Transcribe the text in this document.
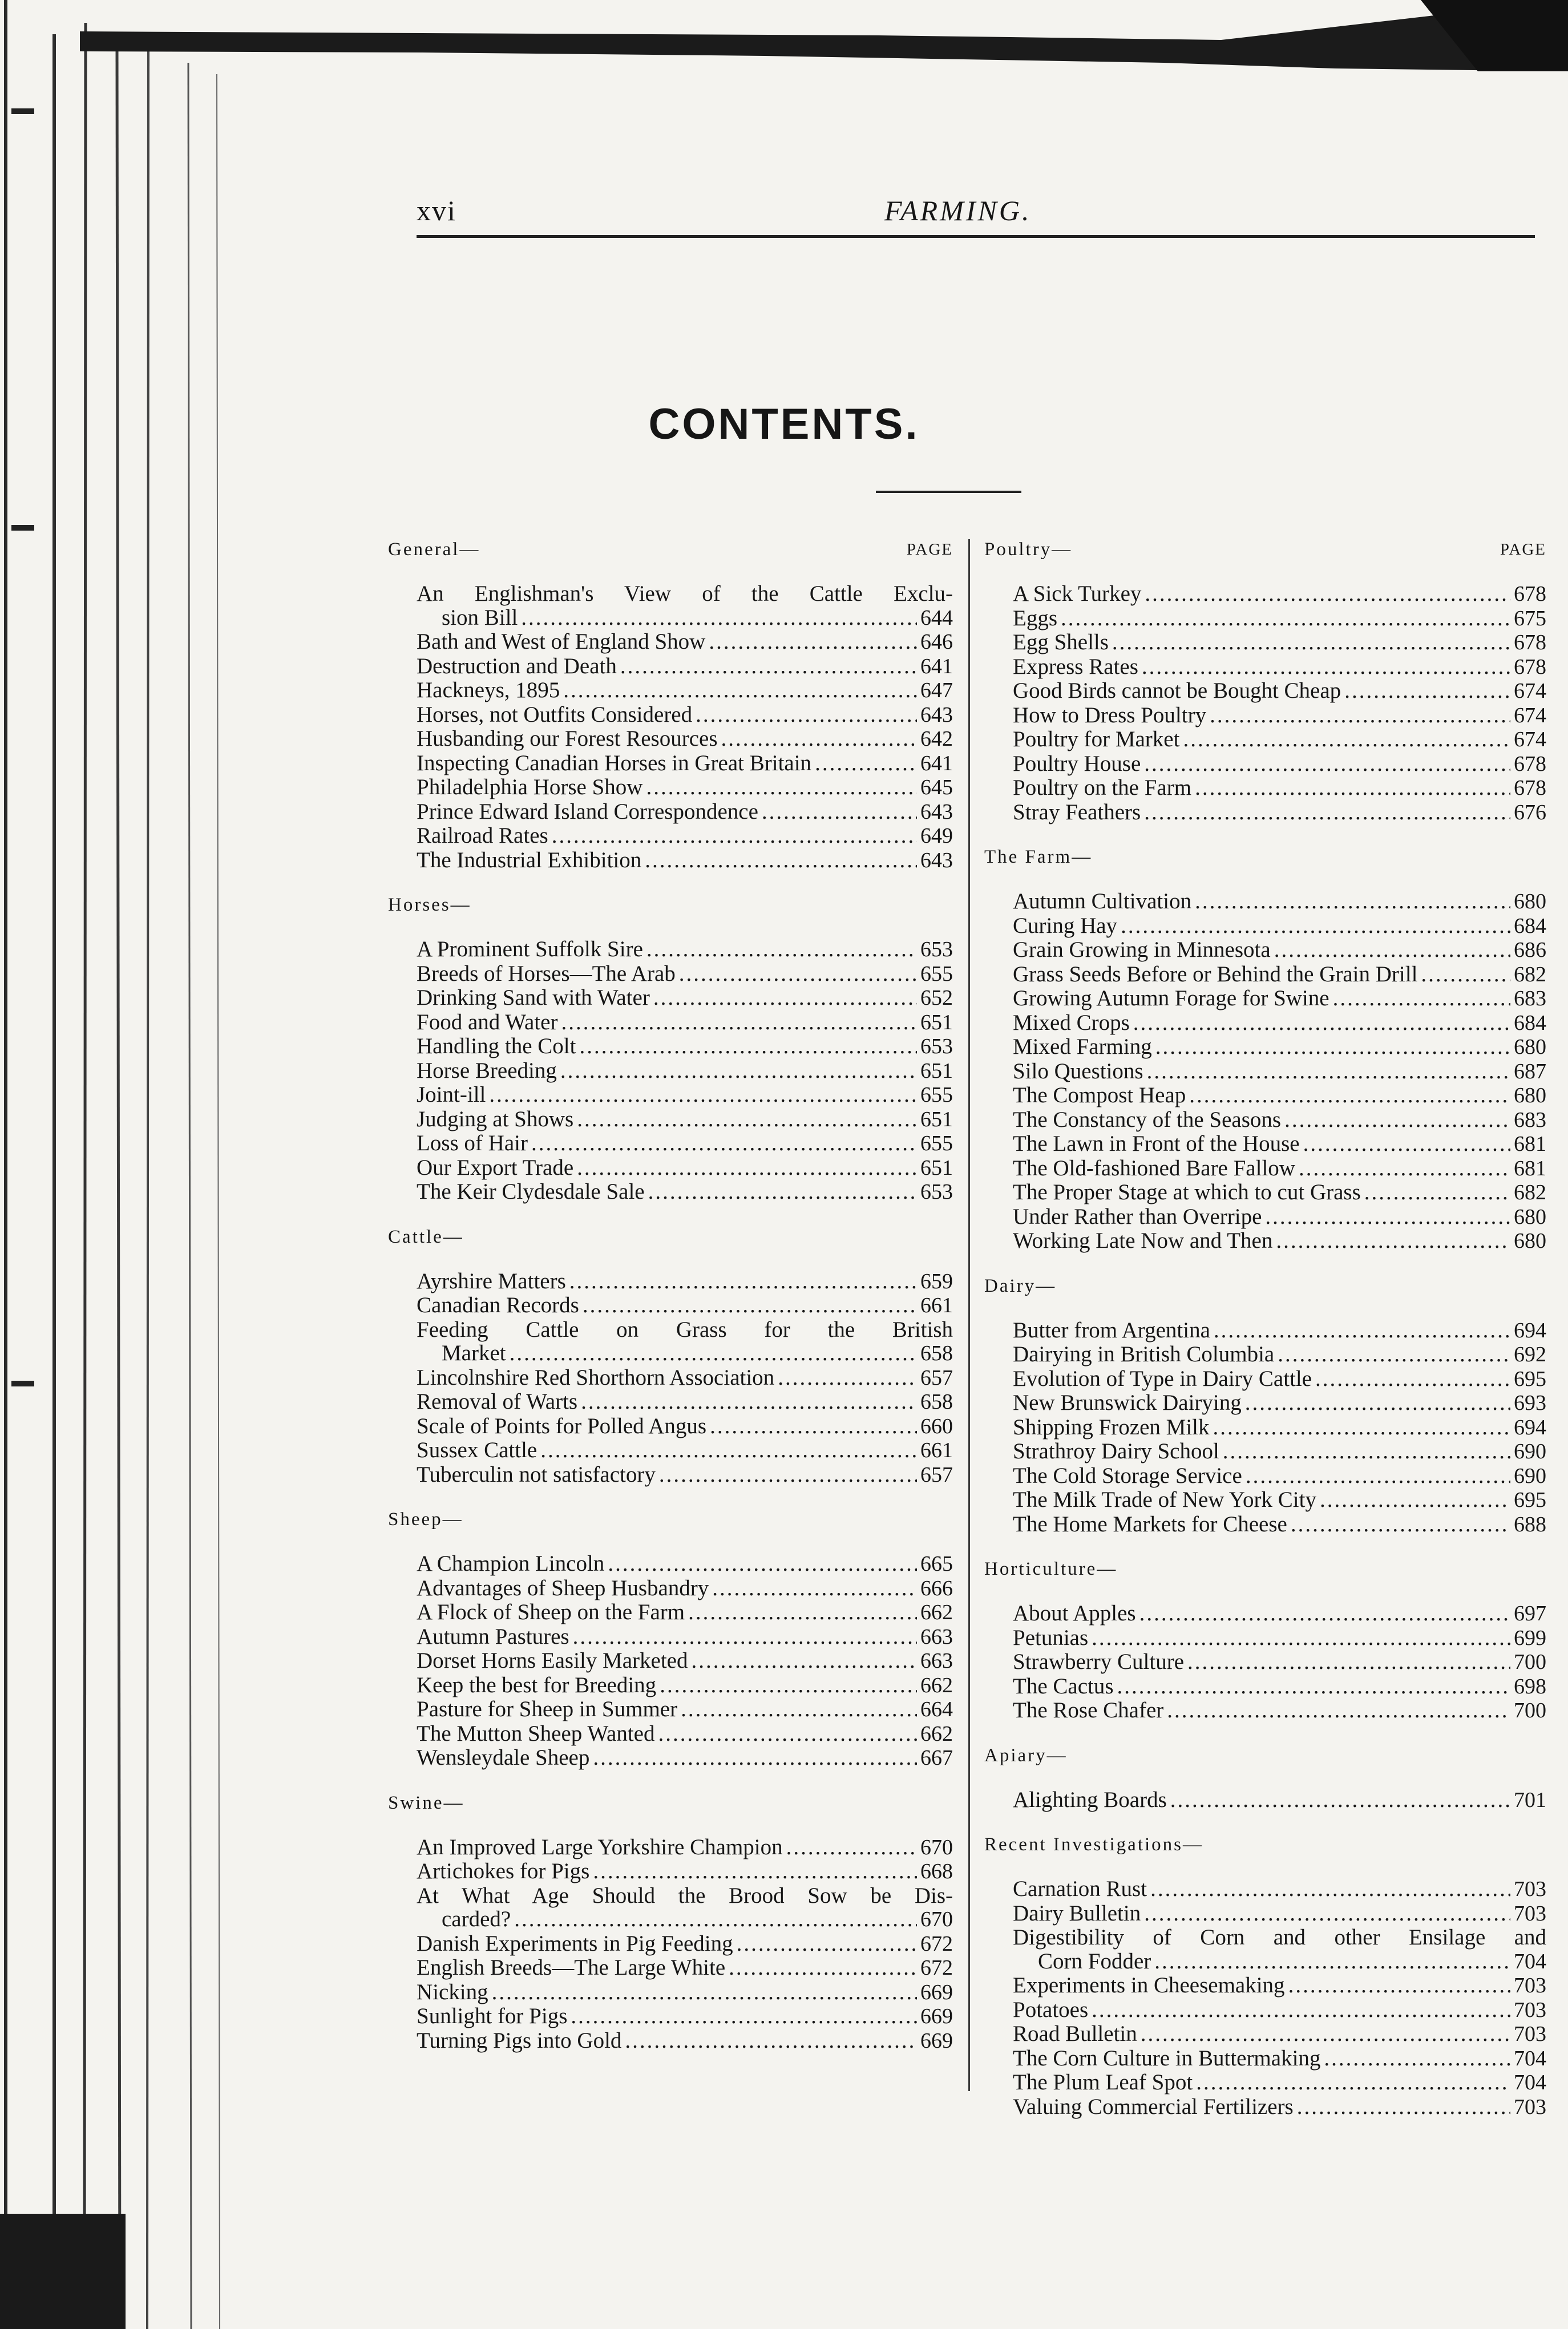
xvi	FARMING.
CONTENTS.
General—	PAGE
An Englishman's View of the Cattle Exclu-
sion Bill .....	644
Bath and West of England Show .....	646
Destruction and Death .....	641
Hackneys, 1895 .....	647
Horses, not Outfits Considered .....	643
Husbanding our Forest Resources .....	642
Inspecting Canadian Horses in Great Britain .....	641
Philadelphia Horse Show .....	645
Prince Edward Island Correspondence .....	643
Railroad Rates .....	649
The Industrial Exhibition .....	643
Horses—
A Prominent Suffolk Sire .....	653
Breeds of Horses—The Arab .....	655
Drinking Sand with Water .....	652
Food and Water .....	651
Handling the Colt .....	653
Horse Breeding .....	651
Joint-ill .....	655
Judging at Shows .....	651
Loss of Hair .....	655
Our Export Trade .....	651
The Keir Clydesdale Sale .....	653
Cattle—
Ayrshire Matters .....	659
Canadian Records .....	661
Feeding Cattle on Grass for the British
Market .....	658
Lincolnshire Red Shorthorn Association .....	657
Removal of Warts .....	658
Scale of Points for Polled Angus .....	660
Sussex Cattle .....	661
Tuberculin not satisfactory .....	657
Sheep—
A Champion Lincoln .....	665
Advantages of Sheep Husbandry .....	666
A Flock of Sheep on the Farm .....	662
Autumn Pastures .....	663
Dorset Horns Easily Marketed .....	663
Keep the best for Breeding .....	662
Pasture for Sheep in Summer .....	664
The Mutton Sheep Wanted .....	662
Wensleydale Sheep .....	667
Swine—
An Improved Large Yorkshire Champion .....	670
Artichokes for Pigs .....	668
At What Age Should the Brood Sow be Dis-
carded? .....	670
Danish Experiments in Pig Feeding .....	672
English Breeds—The Large White .....	672
Nicking .....	669
Sunlight for Pigs .....	669
Turning Pigs into Gold .....	669
Poultry—	PAGE
A Sick Turkey .....	678
Eggs .....	675
Egg Shells .....	678
Express Rates .....	678
Good Birds cannot be Bought Cheap .....	674
How to Dress Poultry .....	674
Poultry for Market .....	674
Poultry House .....	678
Poultry on the Farm .....	678
Stray Feathers .....	676
The Farm—
Autumn Cultivation .....	680
Curing Hay .....	684
Grain Growing in Minnesota .....	686
Grass Seeds Before or Behind the Grain Drill .....	682
Growing Autumn Forage for Swine .....	683
Mixed Crops .....	684
Mixed Farming .....	680
Silo Questions .....	687
The Compost Heap .....	680
The Constancy of the Seasons .....	683
The Lawn in Front of the House .....	681
The Old-fashioned Bare Fallow .....	681
The Proper Stage at which to cut Grass .....	682
Under Rather than Overripe .....	680
Working Late Now and Then .....	680
Dairy—
Butter from Argentina .....	694
Dairying in British Columbia .....	692
Evolution of Type in Dairy Cattle .....	695
New Brunswick Dairying .....	693
Shipping Frozen Milk .....	694
Strathroy Dairy School .....	690
The Cold Storage Service .....	690
The Milk Trade of New York City .....	695
The Home Markets for Cheese .....	688
Horticulture—
About Apples .....	697
Petunias .....	699
Strawberry Culture .....	700
The Cactus .....	698
The Rose Chafer .....	700
Apiary—
Alighting Boards .....	701
Recent Investigations—
Carnation Rust .....	703
Dairy Bulletin .....	703
Digestibility of Corn and other Ensilage and
Corn Fodder .....	704
Experiments in Cheesemaking .....	703
Potatoes .....	703
Road Bulletin .....	703
The Corn Culture in Buttermaking .....	704
The Plum Leaf Spot .....	704
Valuing Commercial Fertilizers .....	703
